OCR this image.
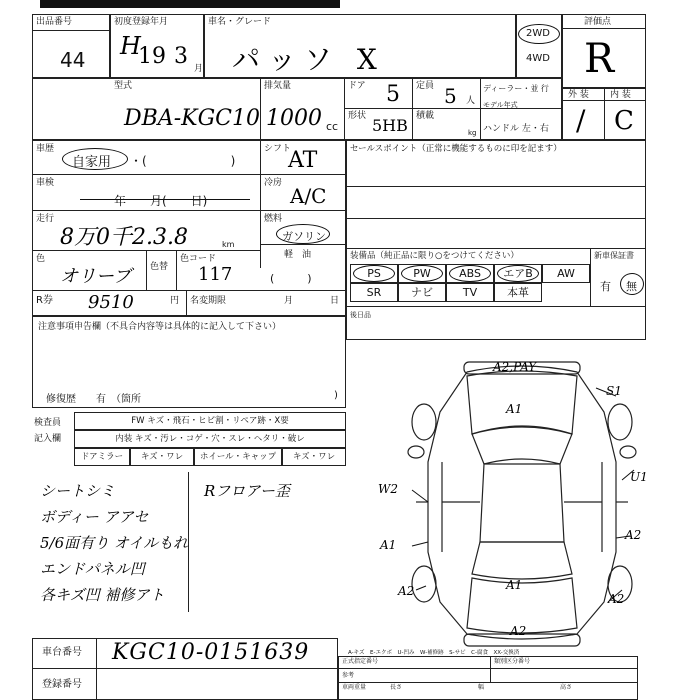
出品番号
44
初度登録年月
H
19 3 月
車名・グレード
パッソ X
2WD
4WD
評価点
R
型式
DBA-KGC10
排気量
1000 cc
ドア 5 定員 5 人
ディーラー・並 行
モデル年式
形状 5HB 積載
kg ハンドル 左・右
外 装 内 装
/ C
車歴
自家用 ・(　　　　　　　)
シフト
AT
車検
年　　月(　　日)
冷房
A/C
走行
8万0千2.3.8	km
燃料
ガソリン
色
オリーブ 色替
色コード
117
軽　油
(　　　)
R券 9510	円 名変期限	月	日
セールスポイント（正常に機能するものに印を記ます）
装備品（純正品に限り○をつけてください）	新車保証書
有 無
PS	PW	ABS	エアB	AW
SR	ナビ	TV	本革
後日品
注意事項申告欄（不具合内容等は具体的に記入して下さい）
修復歴　　有　（箇所	)
検査員
記入欄
FW キズ・飛石・ヒビ割・リペア跡・X要
内装 キズ・汚レ・コゲ・穴・スレ・ヘタリ・破レ
ドアミラー	キズ・ワレ	ホイール・キャップ	キズ・ワレ
シートシミ
ボディー アアセ
5/6面有り オイルもれ
エンドパネル凹
各キズ凹 補修アト
Rフロアー歪
A2,PAY
S1
A1
W2
U1
A1
A2
A2	A1
A2
A2
A-キズ　E-エクボ　U-凹み　W-補修跡　S-サビ　C-腐食　XX-交換済
車台番号 KGC10-0151639
登録番号
正式指定番号	類別区分番号
参考
車両重量	長さ	幅	高さ
